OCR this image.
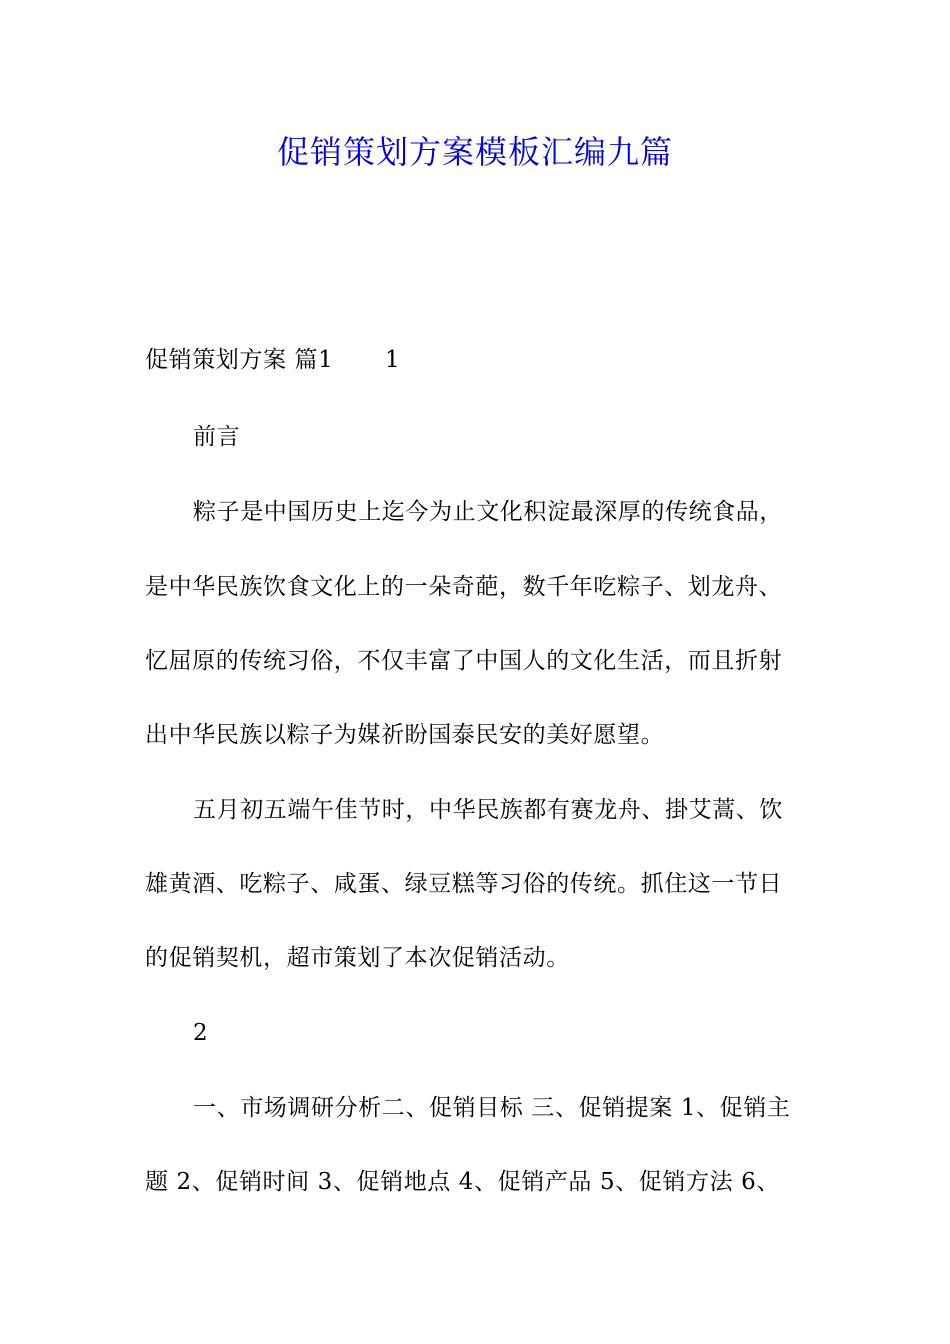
促销策划方案模板汇编九篇
促销策划方案 篇1 1
前言
粽子是中国历史上迄今为止文化积淀最深厚的传统食品，
是中华民族饮食文化上的一朵奇葩，数千年吃粽子、划龙舟、
忆屈原的传统习俗，不仅丰富了中国人的文化生活，而且折射
出中华民族以粽子为媒祈盼国泰民安的美好愿望。
五月初五端午佳节时，中华民族都有赛龙舟、掛艾蒿、饮
雄黄酒、吃粽子、咸蛋、绿豆糕等习俗的传统。抓住这一节日
的促销契机，超市策划了本次促销活动。
2
一、市场调研分析二、促销目标 三、促销提案 1、促销主
题 2、促销时间 3、促销地点 4、促销产品 5、促销方法 6、
